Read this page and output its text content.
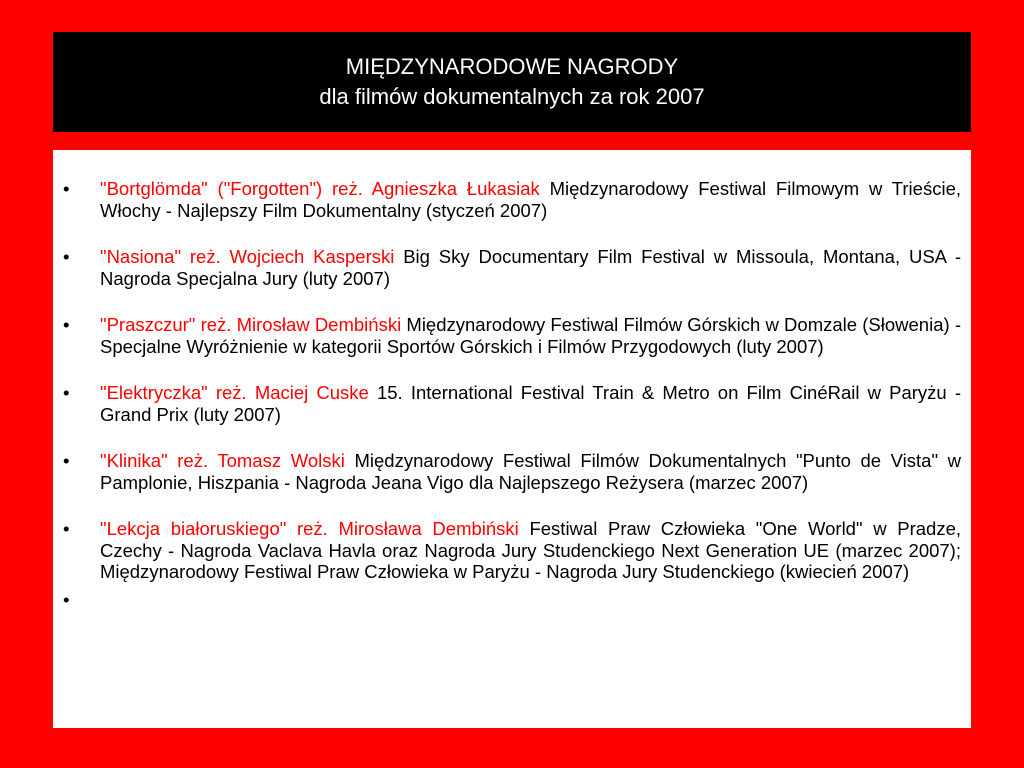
MIĘDZYNARODOWE NAGRODY
dla filmów dokumentalnych za rok 2007
• "Bortglömda" ("Forgotten") reż. Agnieszka Łukasiak Międzynarodowy Festiwal Filmowym w Trieście, Włochy - Najlepszy Film Dokumentalny (styczeń 2007)
• "Nasiona" reż. Wojciech Kasperski Big Sky Documentary Film Festival w Missoula, Montana, USA - Nagroda Specjalna Jury (luty 2007)
• "Praszczur" reż. Mirosław Dembiński Międzynarodowy Festiwal Filmów Górskich w Domzale (Słowenia) - Specjalne Wyróżnienie w kategorii Sportów Górskich i Filmów Przygodowych (luty 2007)
• "Elektryczka" reż. Maciej Cuske 15. International Festival Train & Metro on Film CinéRail w Paryżu - Grand Prix (luty 2007)
• "Klinika" reż. Tomasz Wolski Międzynarodowy Festiwal Filmów Dokumentalnych "Punto de Vista" w Pamplonie, Hiszpania - Nagroda Jeana Vigo dla Najlepszego Reżysera (marzec 2007)
• "Lekcja białoruskiego" reż. Mirosława Dembiński Festiwal Praw Człowieka "One World" w Pradze, Czechy - Nagroda Vaclava Havla oraz Nagroda Jury Studenckiego Next Generation UE (marzec 2007); Międzynarodowy Festiwal Praw Człowieka w Paryżu - Nagroda Jury Studenckiego (kwiecień 2007)
•
